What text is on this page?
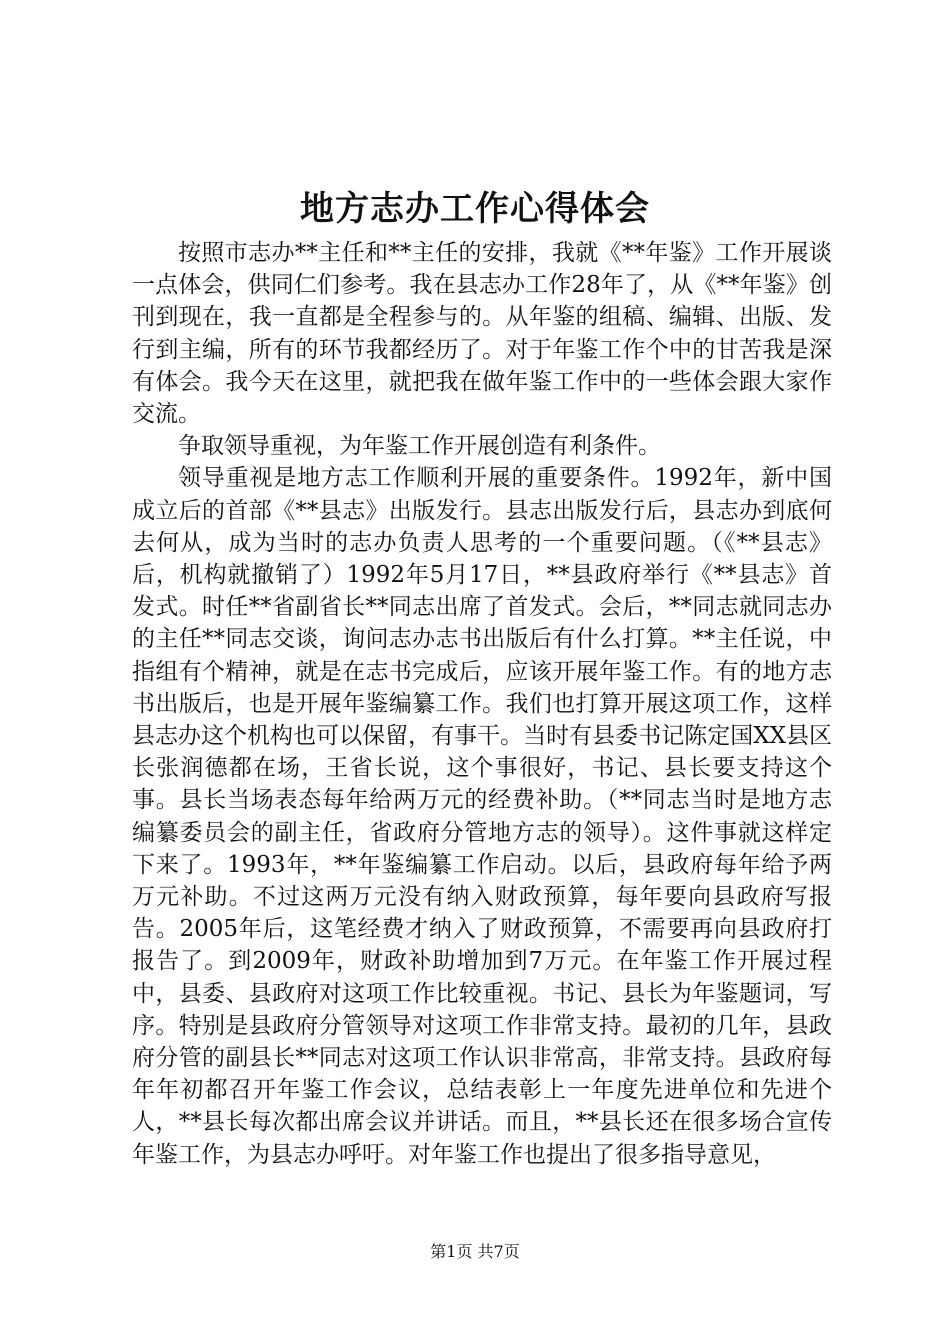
地方志办工作心得体会

按照市志办**主任和**主任的安排，我就《**年鉴》工作开展谈一点体会，供同仁们参考。我在县志办工作28年了，从《**年鉴》创刊到现在，我一直都是全程参与的。从年鉴的组稿、编辑、出版、发行到主编，所有的环节我都经历了。对于年鉴工作个中的甘苦我是深有体会。我今天在这里，就把我在做年鉴工作中的一些体会跟大家作交流。

争取领导重视，为年鉴工作开展创造有利条件。

领导重视是地方志工作顺利开展的重要条件。1992年，新中国成立后的首部《**县志》出版发行。县志出版发行后，县志办到底何去何从，成为当时的志办负责人思考的一个重要问题。（《**县志》后，机构就撤销了）1992年5月17日，**县政府举行《**县志》首发式。时任**省副省长**同志出席了首发式。会后，**同志就同志办的主任**同志交谈，询问志办志书出版后有什么打算。**主任说，中指组有个精神，就是在志书完成后，应该开展年鉴工作。有的地方志书出版后，也是开展年鉴编纂工作。我们也打算开展这项工作，这样县志办这个机构也可以保留，有事干。当时有县委书记陈定国XX县区长张润德都在场，王省长说，这个事很好，书记、县长要支持这个事。县长当场表态每年给两万元的经费补助。（**同志当时是地方志编纂委员会的副主任，省政府分管地方志的领导）。这件事就这样定下来了。1993年，**年鉴编纂工作启动。以后，县政府每年给予两万元补助。不过这两万元没有纳入财政预算，每年要向县政府写报告。2005年后，这笔经费才纳入了财政预算，不需要再向县政府打报告了。到2009年，财政补助增加到7万元。在年鉴工作开展过程中，县委、县政府对这项工作比较重视。书记、县长为年鉴题词，写序。特别是县政府分管领导对这项工作非常支持。最初的几年，县政府分管的副县长**同志对这项工作认识非常高，非常支持。县政府每年年初都召开年鉴工作会议，总结表彰上一年度先进单位和先进个人，**县长每次都出席会议并讲话。而且，**县长还在很多场合宣传年鉴工作，为县志办呼吁。对年鉴工作也提出了很多指导意见，

第1页 共7页
